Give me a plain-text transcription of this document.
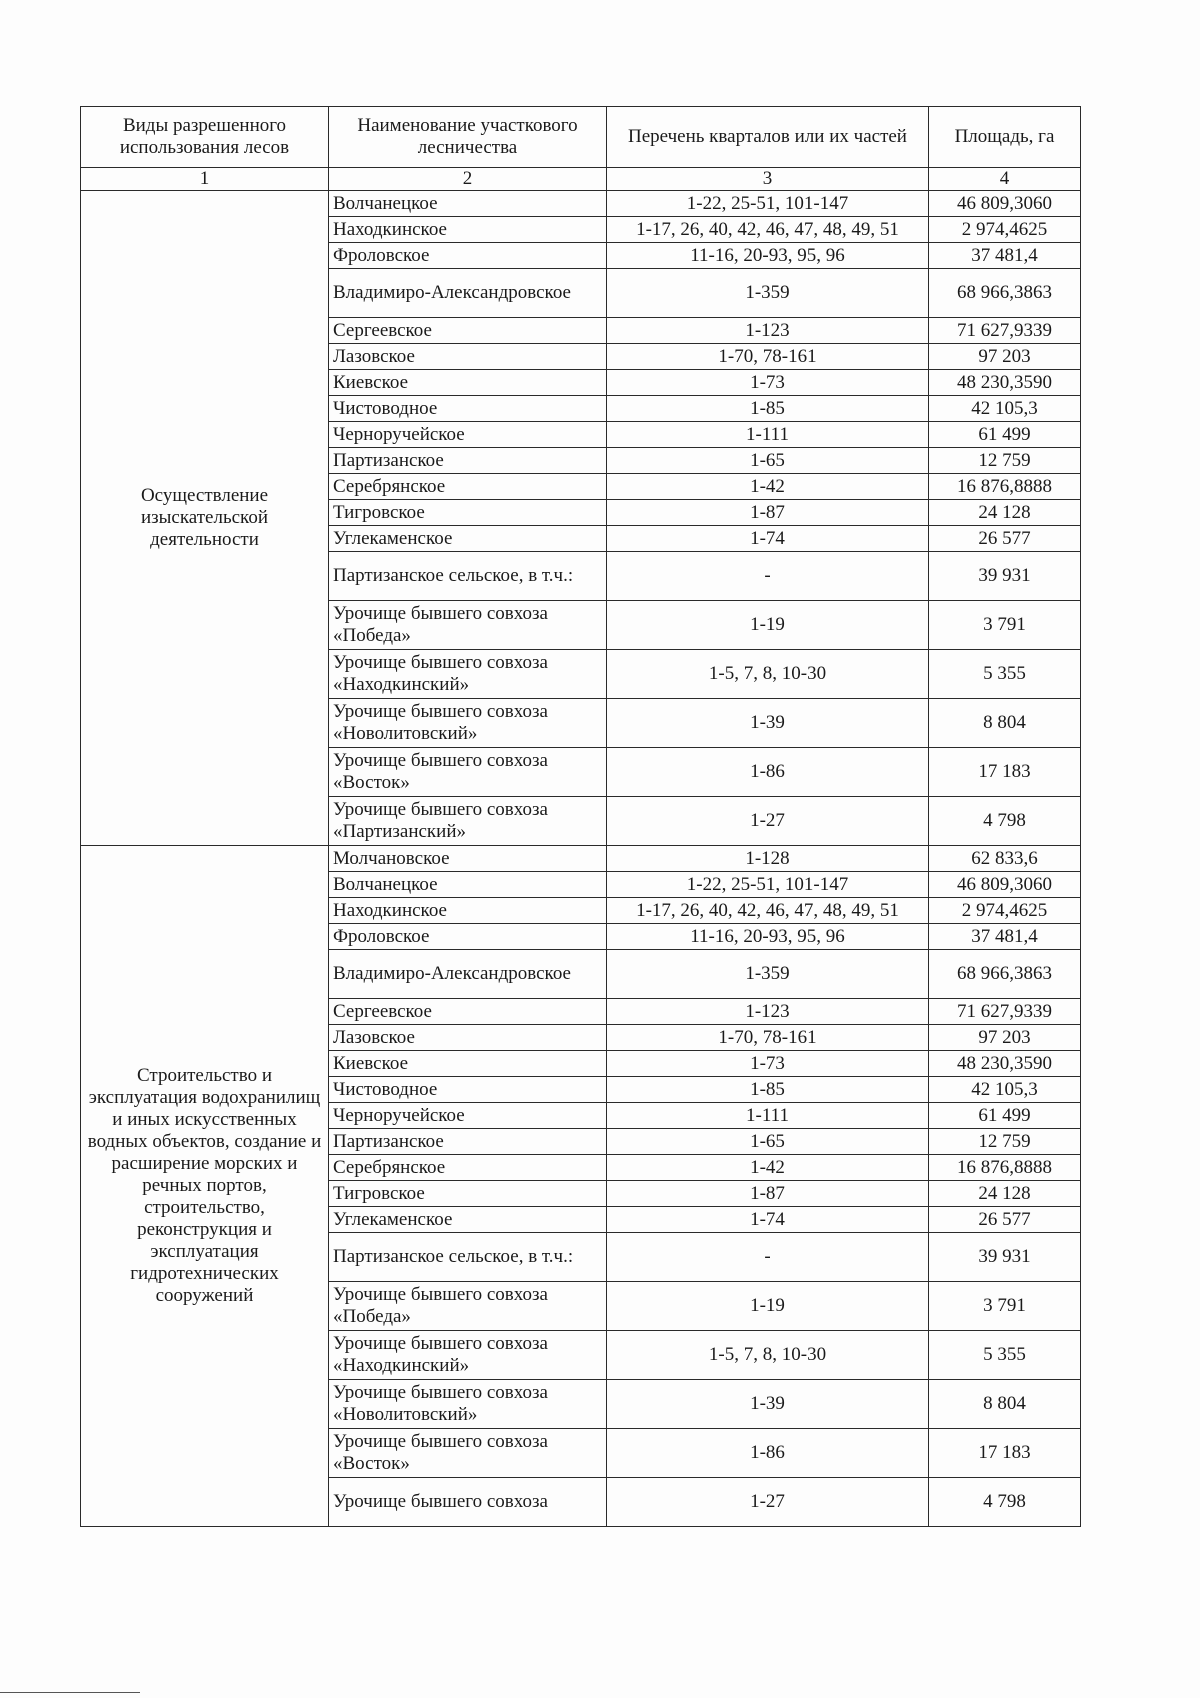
Виды разрешенного использования лесов	Наименование участкового лесничества	Перечень кварталов или их частей	Площадь, га
1	2	3	4
Осуществление изыскательской деятельности	Волчанецкое	1-22, 25-51, 101-147	46 809,3060
	Находкинское	1-17, 26, 40, 42, 46, 47, 48, 49, 51	2 974,4625
	Фроловское	11-16, 20-93, 95, 96	37 481,4
	Владимиро-Александровское	1-359	68 966,3863
	Сергеевское	1-123	71 627,9339
	Лазовское	1-70, 78-161	97 203
	Киевское	1-73	48 230,3590
	Чистоводное	1-85	42 105,3
	Черноручейское	1-111	61 499
	Партизанское	1-65	12 759
	Серебрянское	1-42	16 876,8888
	Тигровское	1-87	24 128
	Углекаменское	1-74	26 577
	Партизанское сельское, в т.ч.:	-	39 931
	Урочище бывшего совхоза «Победа»	1-19	3 791
	Урочище бывшего совхоза «Находкинский»	1-5, 7, 8, 10-30	5 355
	Урочище бывшего совхоза «Новолитовский»	1-39	8 804
	Урочище бывшего совхоза «Восток»	1-86	17 183
	Урочище бывшего совхоза «Партизанский»	1-27	4 798
Строительство и эксплуатация водохранилищ и иных искусственных водных объектов, создание и расширение морских и речных портов, строительство, реконструкция и эксплуатация гидротехнических сооружений	Молчановское	1-128	62 833,6
	Волчанецкое	1-22, 25-51, 101-147	46 809,3060
	Находкинское	1-17, 26, 40, 42, 46, 47, 48, 49, 51	2 974,4625
	Фроловское	11-16, 20-93, 95, 96	37 481,4
	Владимиро-Александровское	1-359	68 966,3863
	Сергеевское	1-123	71 627,9339
	Лазовское	1-70, 78-161	97 203
	Киевское	1-73	48 230,3590
	Чистоводное	1-85	42 105,3
	Черноручейское	1-111	61 499
	Партизанское	1-65	12 759
	Серебрянское	1-42	16 876,8888
	Тигровское	1-87	24 128
	Углекаменское	1-74	26 577
	Партизанское сельское, в т.ч.:	-	39 931
	Урочище бывшего совхоза «Победа»	1-19	3 791
	Урочище бывшего совхоза «Находкинский»	1-5, 7, 8, 10-30	5 355
	Урочище бывшего совхоза «Новолитовский»	1-39	8 804
	Урочище бывшего совхоза «Восток»	1-86	17 183
	Урочище бывшего совхоза	1-27	4 798
